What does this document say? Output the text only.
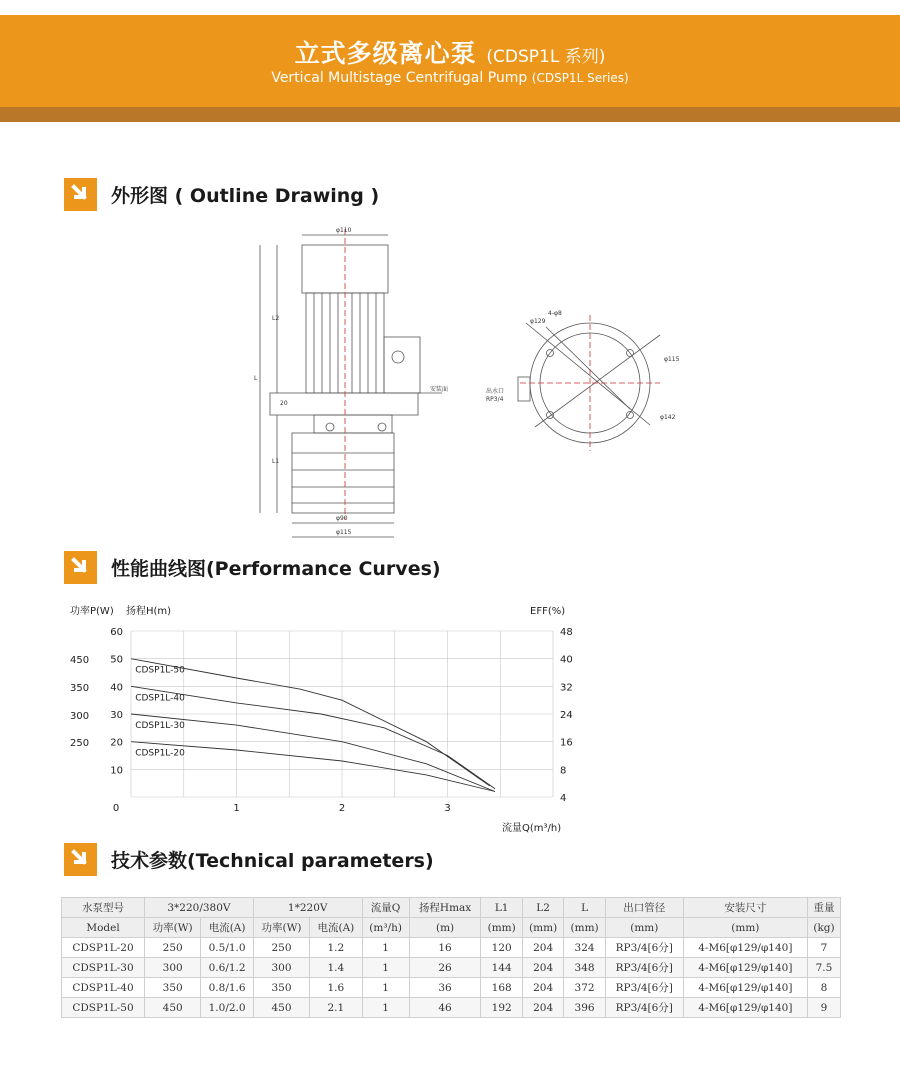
立式多级离心泵 (CDSP1L 系列)
Vertical Multistage Centrifugal Pump (CDSP1L Series)
外形图 ( Outline Drawing )
φ110
L2
L
L1
20
φ90
φ115
安装面	出水口
RP3/4
φ129
4-φ8
φ115
φ142
性能曲线图(Performance Curves)
60
50
40
30
20
10
450
350
300
250
48
40
32
24
16
8
4
0	1	2	3
功率P(W) 扬程H(m)	EFF(%)
流量Q(m³/h)
CDSP1L-50
CDSP1L-40
CDSP1L-30
CDSP1L-20
技术参数(Technical parameters)
水泵型号	3*220/380V		1*220V		流量Q	扬程Hmax	L1	L2	L	出口管径	安装尺寸	重量
Model	功率(W)	电流(A)	功率(W)	电流(A)	(m³/h)	(m)	(mm)	(mm)	(mm)	(mm)	(mm)	(kg)
CDSP1L-20	250	0.5/1.0	250	1.2	1	16	120	204	324	RP3/4[6分]	4-M6[φ129/φ140]	7
CDSP1L-30	300	0.6/1.2	300	1.4	1	26	144	204	348	RP3/4[6分]	4-M6[φ129/φ140]	7.5
CDSP1L-40	350	0.8/1.6	350	1.6	1	36	168	204	372	RP3/4[6分]	4-M6[φ129/φ140]	8
CDSP1L-50	450	1.0/2.0	450	2.1	1	46	192	204	396	RP3/4[6分]	4-M6[φ129/φ140]	9
